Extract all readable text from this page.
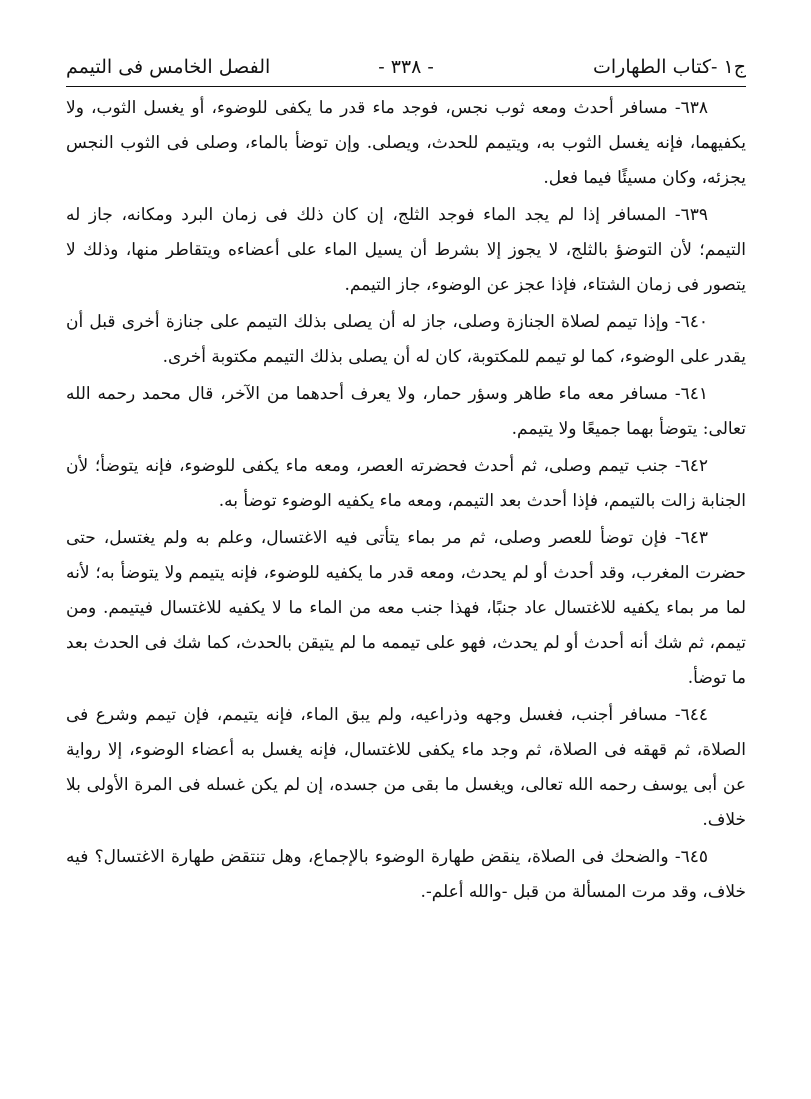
ج١ -كتاب الطهارات
- ٣٣٨ -
الفصل الخامس فى التيمم

٦٣٨- مسافر أحدث ومعه ثوب نجس، فوجد ماء قدر ما يكفى للوضوء، أو يغسل الثوب، ولا يكفيهما، فإنه يغسل الثوب به، ويتيمم للحدث، ويصلى. وإن توضأ بالماء، وصلى فى الثوب النجس يجزئه، وكان مسيئًا فيما فعل.

٦٣٩- المسافر إذا لم يجد الماء فوجد الثلج، إن كان ذلك فى زمان البرد ومكانه، جاز له التيمم؛ لأن التوضؤ بالثلج، لا يجوز إلا بشرط أن يسيل الماء على أعضاءه ويتقاطر منها، وذلك لا يتصور فى زمان الشتاء، فإذا عجز عن الوضوء، جاز التيمم.

٦٤٠- وإذا تيمم لصلاة الجنازة وصلى، جاز له أن يصلى بذلك التيمم على جنازة أخرى قبل أن يقدر على الوضوء، كما لو تيمم للمكتوبة، كان له أن يصلى بذلك التيمم مكتوبة أخرى.

٦٤١- مسافر معه ماء طاهر وسؤر حمار، ولا يعرف أحدهما من الآخر، قال محمد رحمه الله تعالى: يتوضأ بهما جميعًا ولا يتيمم.

٦٤٢- جنب تيمم وصلى، ثم أحدث فحضرته العصر، ومعه ماء يكفى للوضوء، فإنه يتوضأ؛ لأن الجنابة زالت بالتيمم، فإذا أحدث بعد التيمم، ومعه ماء يكفيه الوضوء توضأ به.

٦٤٣- فإن توضأ للعصر وصلى، ثم مر بماء يتأتى فيه الاغتسال، وعلم به ولم يغتسل، حتى حضرت المغرب، وقد أحدث أو لم يحدث، ومعه قدر ما يكفيه للوضوء، فإنه يتيمم ولا يتوضأ به؛ لأنه لما مر بماء يكفيه للاغتسال عاد جنبًا، فهذا جنب معه من الماء ما لا يكفيه للاغتسال فيتيمم. ومن تيمم، ثم شك أنه أحدث أو لم يحدث، فهو على تيممه ما لم يتيقن بالحدث، كما شك فى الحدث بعد ما توضأ.

٦٤٤- مسافر أجنب، فغسل وجهه وذراعيه، ولم يبق الماء، فإنه يتيمم، فإن تيمم وشرع فى الصلاة، ثم قهقه فى الصلاة، ثم وجد ماء يكفى للاغتسال، فإنه يغسل به أعضاء الوضوء، إلا رواية عن أبى يوسف رحمه الله تعالى، ويغسل ما بقى من جسده، إن لم يكن غسله فى المرة الأولى بلا خلاف.

٦٤٥- والضحك فى الصلاة، ينقض طهارة الوضوء بالإجماع، وهل تنتقض طهارة الاغتسال؟ فيه خلاف، وقد مرت المسألة من قبل -والله أعلم-.
